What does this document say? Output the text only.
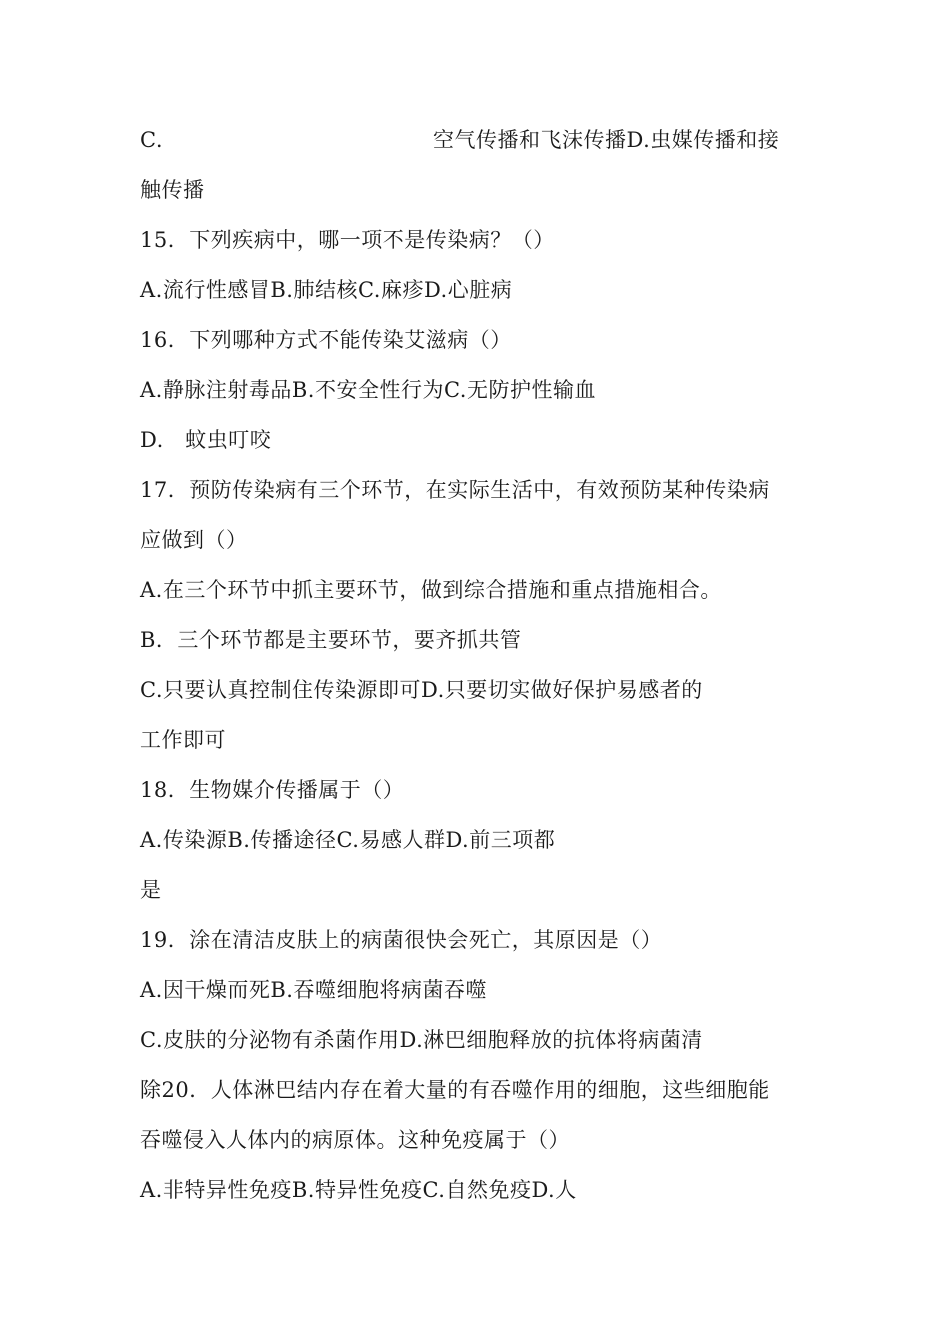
C.	空气传播和飞沫传播D.虫媒传播和接
触传播
15．下列疾病中，哪一项不是传染病？（）
A.流行性感冒B.肺结核C.麻疹D.心脏病
16．下列哪种方式不能传染艾滋病（）
A.静脉注射毒品B.不安全性行为C.无防护性输血
D.   蚊虫叮咬
17．预防传染病有三个环节，在实际生活中，有效预防某种传染病
应做到（）
A.在三个环节中抓主要环节，做到综合措施和重点措施相合。
B．三个环节都是主要环节，要齐抓共管
C.只要认真控制住传染源即可D.只要切实做好保护易感者的
工作即可
18．生物媒介传播属于（）
A.传染源B.传播途径C.易感人群D.前三项都
是
19．涂在清洁皮肤上的病菌很快会死亡，其原因是（）
A.因干燥而死B.吞噬细胞将病菌吞噬
C.皮肤的分泌物有杀菌作用D.淋巴细胞释放的抗体将病菌清
除20．人体淋巴结内存在着大量的有吞噬作用的细胞，这些细胞能
吞噬侵入人体内的病原体。这种免疫属于（）
A.非特异性免疫B.特异性免疫C.自然免疫D.人
